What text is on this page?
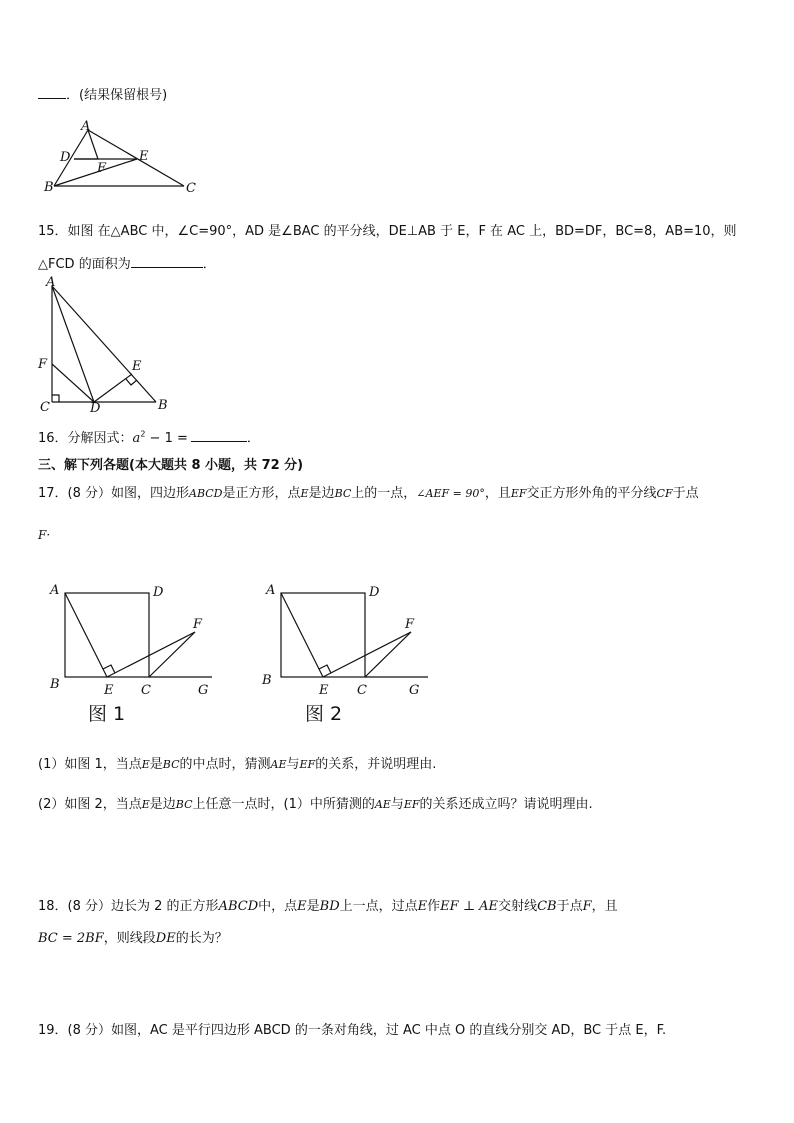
．(结果保留根号)
A
D	E
F
B	C
15．如图 在△ABC 中，∠C=90°，AD 是∠BAC 的平分线，DE⊥AB 于 E，F 在 AC 上，BD=DF，BC=8，AB=10，则
△FCD 的面积为	．
A
F	E
C	D	B
16．分解因式：$a^2 - 1$ =	．
三、解下列各题(本大题共 8 小题，共 72 分)
17．(8 分）如图，四边形ABCD是正方形，点E是边BC上的一点，∠AEF = 90°，且EF交正方形外角的平分线CF于点
F·
A	D
F
B	E C	G
图 1
A	D
F
B
E C	G
图 2
(1）如图 1，当点E是BC的中点时，猜测AE与EF的关系，并说明理由.
(2）如图 2，当点E是边BC上任意一点时，(1）中所猜测的AE与EF的关系还成立吗？请说明理由.
18．(8 分）边长为 2 的正方形ABCD中，点E是BD上一点，过点E作EF ⊥ AE交射线CB于点F，且
BC = 2BF，则线段DE的长为？
19．(8 分）如图，AC 是平行四边形 ABCD 的一条对角线，过 AC 中点 O 的直线分别交 AD，BC 于点 E，F.
